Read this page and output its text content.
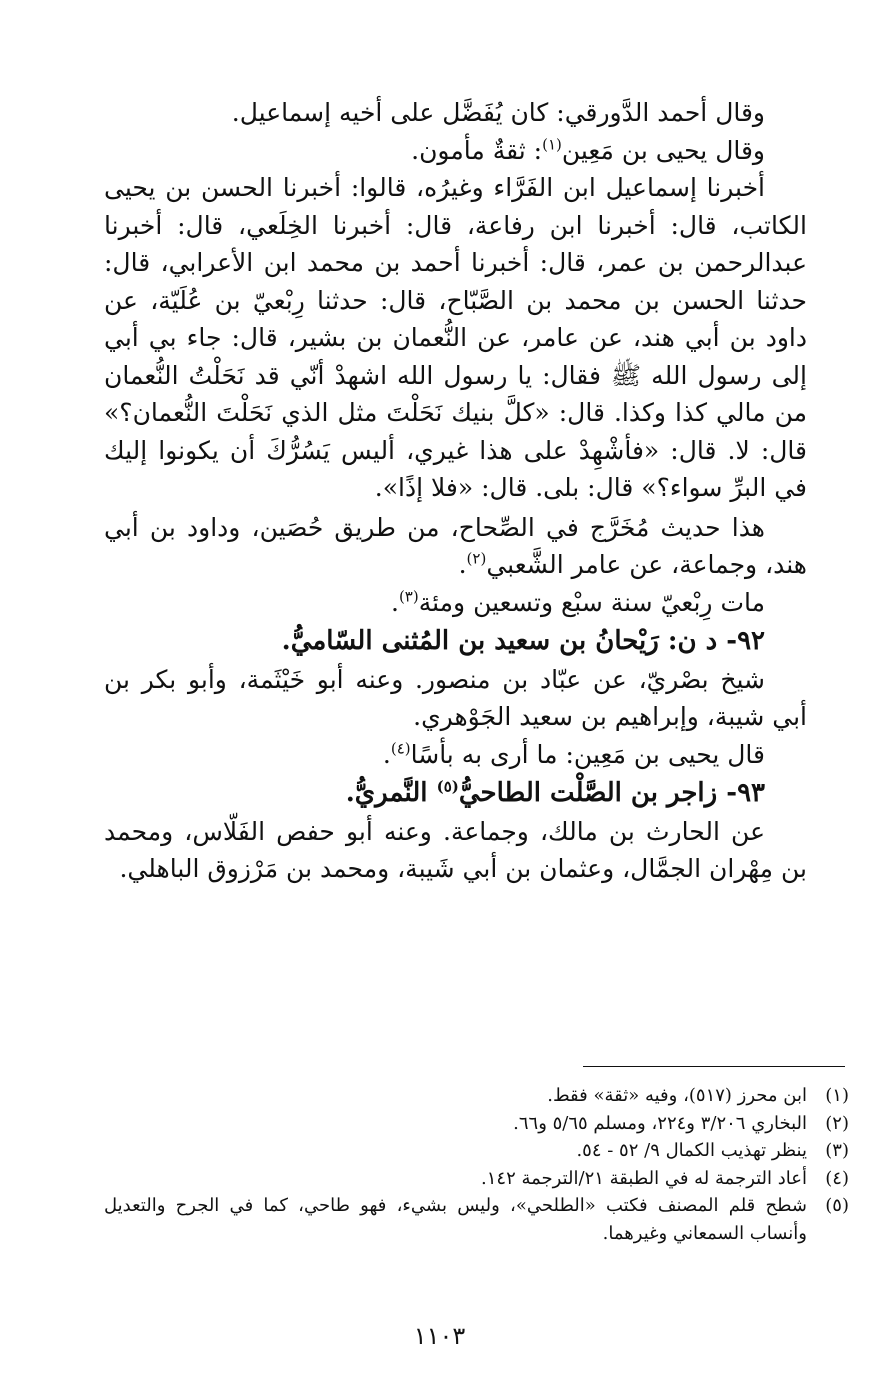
وقال أحمد الدَّورقي: كان يُفَضَّل على أخيه إسماعيل.

وقال يحيى بن مَعِين$^{(١)}$: ثقةٌ مأمون.

أخبرنا إسماعيل ابن الفَرَّاء وغيرُه، قالوا: أخبرنا الحسن بن يحيى الكاتب، قال: أخبرنا ابن رفاعة، قال: أخبرنا الخِلَعي، قال: أخبرنا عبدالرحمن بن عمر، قال: أخبرنا أحمد بن محمد ابن الأعرابي، قال: حدثنا الحسن بن محمد بن الصَّبّاح، قال: حدثنا رِبْعيّ بن عُلَيّة، عن داود بن أبي هند، عن عامر، عن النُّعمان بن بشير، قال: جاء بي أبي إلى رسول الله ﷺ فقال: يا رسول الله اشهدْ أنّي قد نَحَلْتُ النُّعمان من مالي كذا وكذا. قال: «كلَّ بنيك نَحَلْتَ مثل الذي نَحَلْتَ النُّعمان؟» قال: لا. قال: «فأشْهِدْ على هذا غيري، أليس يَسُرُّكَ أن يكونوا إليك في البرِّ سواء؟» قال: بلى. قال: «فلا إذًا».

هذا حديث مُخَرَّج في الصِّحاح، من طريق حُصَين، وداود بن أبي هند، وجماعة، عن عامر الشَّعبي$^{(٢)}$.

مات رِبْعيّ سنة سبْع وتسعين ومئة$^{(٣)}$.

٩٢- د ن: رَيْحانُ بن سعيد بن المُثنى السّاميُّ.

شيخ بصْريّ، عن عبّاد بن منصور. وعنه أبو خَيْثَمة، وأبو بكر بن أبي شيبة، وإبراهيم بن سعيد الجَوْهري.

قال يحيى بن مَعِين: ما أرى به بأسًا$^{(٤)}$.

٩٣- زاجر بن الصَّلْت الطاحيُّ$^{(٥)}$ النَّمريُّ.

عن الحارث بن مالك، وجماعة. وعنه أبو حفص الفَلّاس، ومحمد بن مِهْران الجمَّال، وعثمان بن أبي شَيبة، ومحمد بن مَرْزوق الباهلي.

(١)
ابن محرز (٥١٧)، وفيه «ثقة» فقط.
(٢)
البخاري ٣/٢٠٦ و٢٢٤، ومسلم ٥/٦٥ و٦٦.
(٣)
ينظر تهذيب الكمال ٩/ ٥٢ - ٥٤.
(٤)
أعاد الترجمة له في الطبقة ٢١/الترجمة ١٤٢.
(٥)
شطح قلم المصنف فكتب «الطلحي»، وليس بشيء، فهو طاحي، كما في الجرح والتعديل وأنساب السمعاني وغيرهما.
١١٠٣
